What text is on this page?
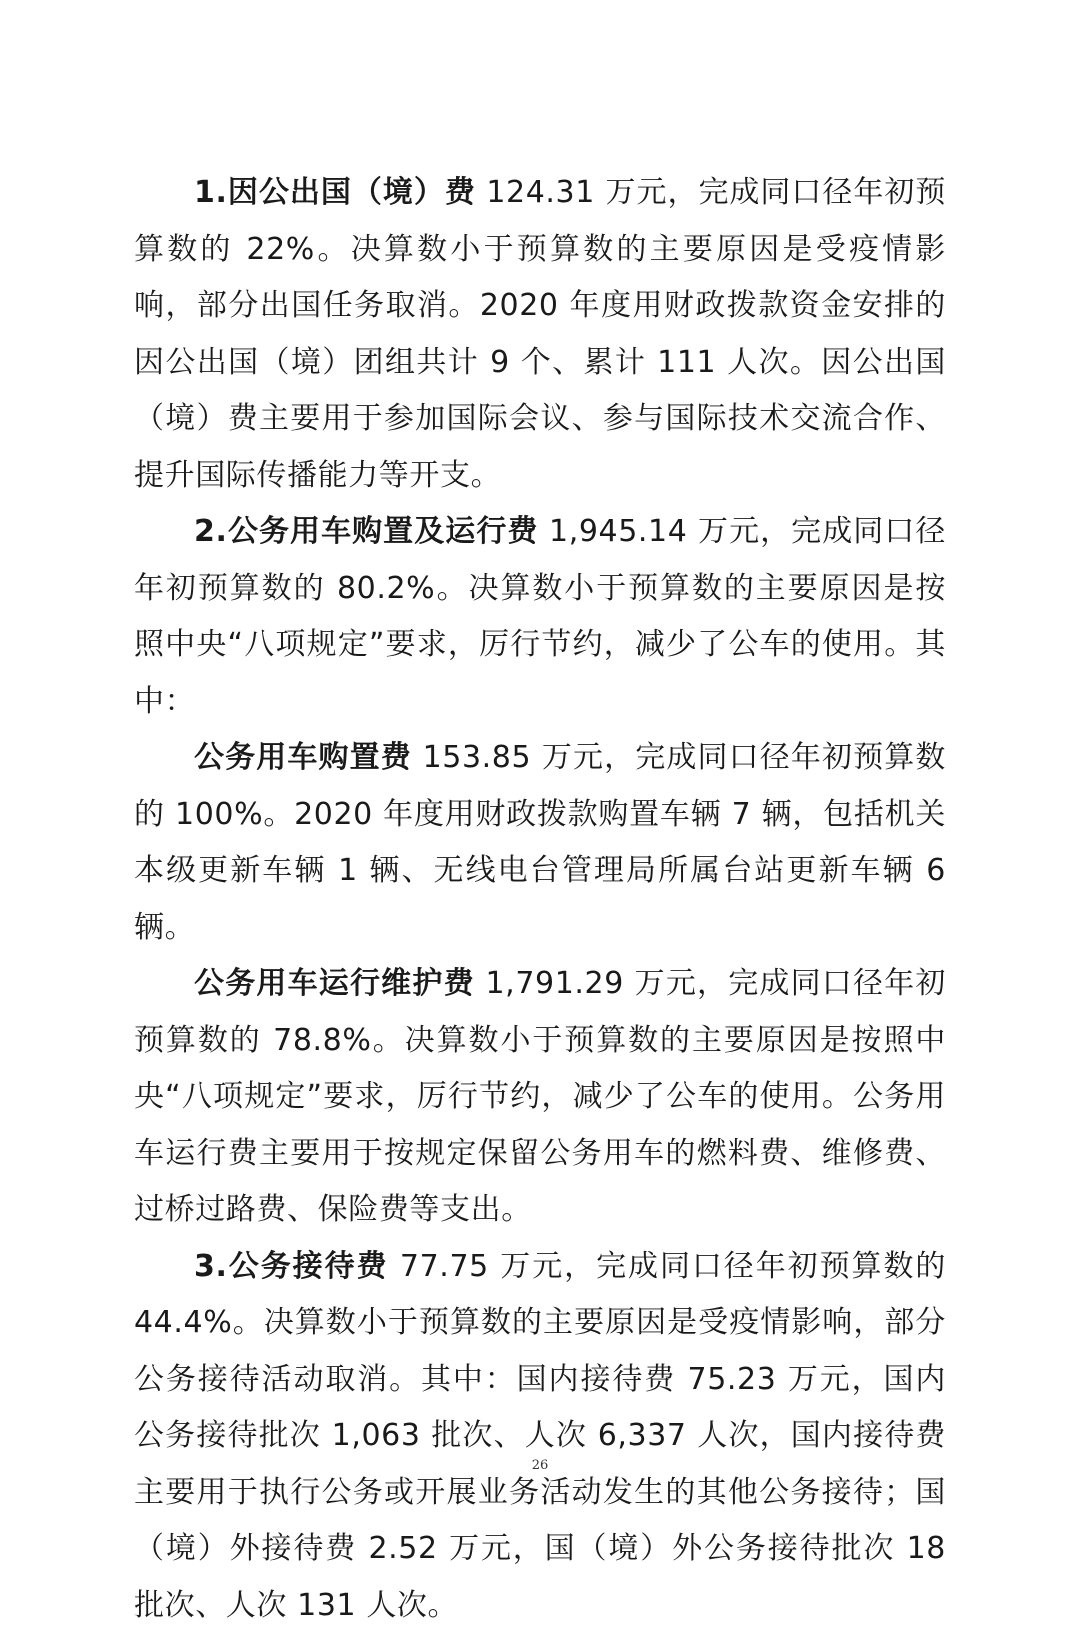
1.因公出国（境）费 124.31 万元，完成同口径年初预算数的 22%。决算数小于预算数的主要原因是受疫情影响，部分出国任务取消。2020 年度用财政拨款资金安排的因公出国（境）团组共计 9 个、累计 111 人次。因公出国（境）费主要用于参加国际会议、参与国际技术交流合作、提升国际传播能力等开支。

2.公务用车购置及运行费 1,945.14 万元，完成同口径年初预算数的 80.2%。决算数小于预算数的主要原因是按照中央“八项规定”要求，厉行节约，减少了公车的使用。其中：

公务用车购置费 153.85 万元，完成同口径年初预算数的 100%。2020 年度用财政拨款购置车辆 7 辆，包括机关本级更新车辆 1 辆、无线电台管理局所属台站更新车辆 6 辆。

公务用车运行维护费 1,791.29 万元，完成同口径年初预算数的 78.8%。决算数小于预算数的主要原因是按照中央“八项规定”要求，厉行节约，减少了公车的使用。公务用车运行费主要用于按规定保留公务用车的燃料费、维修费、过桥过路费、保险费等支出。

3.公务接待费 77.75 万元，完成同口径年初预算数的 44.4%。决算数小于预算数的主要原因是受疫情影响，部分公务接待活动取消。其中：国内接待费 75.23 万元，国内公务接待批次 1,063 批次、人次 6,337 人次，国内接待费主要用于执行公务或开展业务活动发生的其他公务接待；国（境）外接待费 2.52 万元，国（境）外公务接待批次 18 批次、人次 131 人次。

26
